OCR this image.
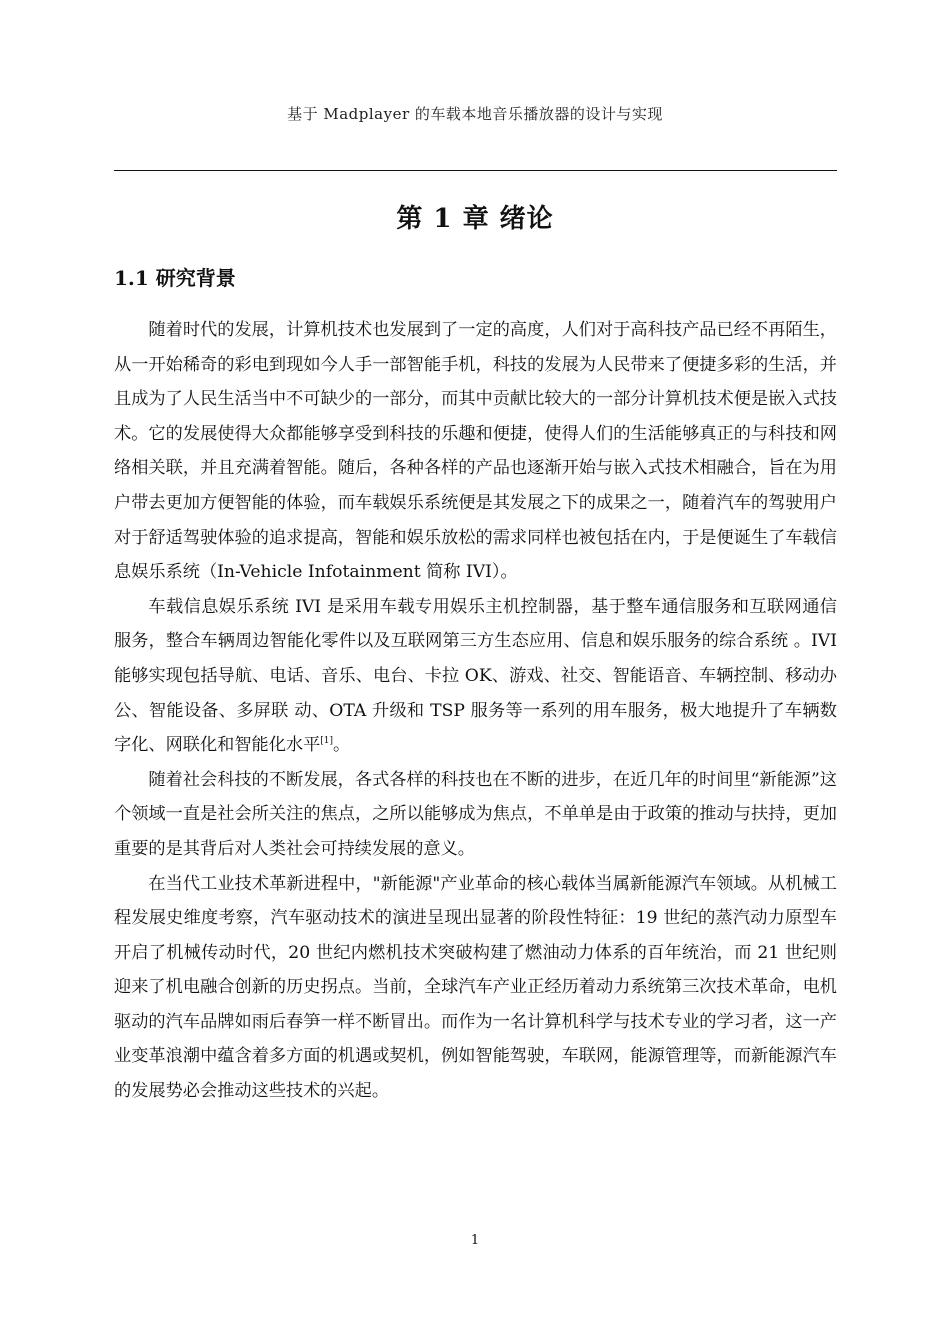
基于 Madplayer 的车载本地音乐播放器的设计与实现
第 1 章 绪论
1.1 研究背景

随着时代的发展，计算机技术也发展到了一定的高度，人们对于高科技产品已经不再陌生，从一开始稀奇的彩电到现如今人手一部智能手机，科技的发展为人民带来了便捷多彩的生活，并且成为了人民生活当中不可缺少的一部分，而其中贡献比较大的一部分计算机技术便是嵌入式技术。它的发展使得大众都能够享受到科技的乐趣和便捷，使得人们的生活能够真正的与科技和网络相关联，并且充满着智能。随后，各种各样的产品也逐渐开始与嵌入式技术相融合，旨在为用户带去更加方便智能的体验，而车载娱乐系统便是其发展之下的成果之一，随着汽车的驾驶用户对于舒适驾驶体验的追求提高，智能和娱乐放松的需求同样也被包括在内，于是便诞生了车载信息娱乐系统（In-Vehicle Infotainment 简称 IVI）。

车载信息娱乐系统 IVI 是采用车载专用娱乐主机控制器，基于整车通信服务和互联网通信服务，整合车辆周边智能化零件以及互联网第三方生态应用、信息和娱乐服务的综合系统 。IVI 能够实现包括导航、电话、音乐、电台、卡拉 OK、游戏、社交、智能语音、车辆控制、移动办公、智能设备、多屏联 动、OTA 升级和 TSP 服务等一系列的用车服务，极大地提升了车辆数字化、网联化和智能化水平[1]。

随着社会科技的不断发展，各式各样的科技也在不断的进步，在近几年的时间里“新能源”这个领域一直是社会所关注的焦点，之所以能够成为焦点，不单单是由于政策的推动与扶持，更加重要的是其背后对人类社会可持续发展的意义。

在当代工业技术革新进程中，"新能源"产业革命的核心载体当属新能源汽车领域。从机械工程发展史维度考察，汽车驱动技术的演进呈现出显著的阶段性特征：19 世纪的蒸汽动力原型车开启了机械传动时代，20 世纪内燃机技术突破构建了燃油动力体系的百年统治，而 21 世纪则迎来了机电融合创新的历史拐点。当前，全球汽车产业正经历着动力系统第三次技术革命，电机驱动的汽车品牌如雨后春笋一样不断冒出。而作为一名计算机科学与技术专业的学习者，这一产业变革浪潮中蕴含着多方面的机遇或契机，例如智能驾驶，车联网，能源管理等，而新能源汽车的发展势必会推动这些技术的兴起。

1
